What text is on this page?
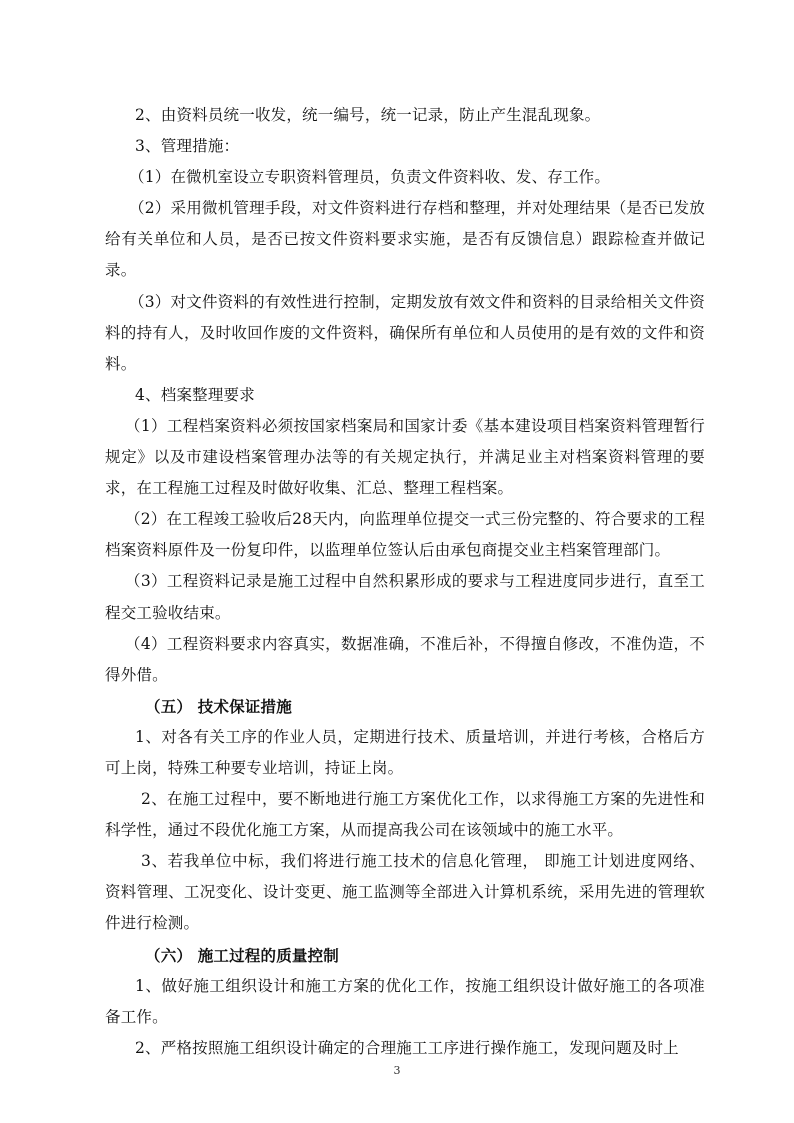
2、由资料员统一收发，统一编号，统一记录，防止产生混乱现象。

3、管理措施：

（1）在微机室设立专职资料管理员，负责文件资料收、发、存工作。

（2）采用微机管理手段，对文件资料进行存档和整理，并对处理结果（是否已发放给有关单位和人员，是否已按文件资料要求实施，是否有反馈信息）跟踪检查并做记录。

（3）对文件资料的有效性进行控制，定期发放有效文件和资料的目录给相关文件资料的持有人，及时收回作废的文件资料，确保所有单位和人员使用的是有效的文件和资料。

4、档案整理要求

（1）工程档案资料必须按国家档案局和国家计委《基本建设项目档案资料管理暂行规定》以及市建设档案管理办法等的有关规定执行，并满足业主对档案资料管理的要求，在工程施工过程及时做好收集、汇总、整理工程档案。

（2）在工程竣工验收后28天内，向监理单位提交一式三份完整的、符合要求的工程档案资料原件及一份复印件，以监理单位签认后由承包商提交业主档案管理部门。

（3）工程资料记录是施工过程中自然积累形成的要求与工程进度同步进行，直至工程交工验收结束。

（4）工程资料要求内容真实，数据准确，不准后补，不得擅自修改，不准伪造，不得外借。

（五） 技术保证措施

1、对各有关工序的作业人员，定期进行技术、质量培训，并进行考核，合格后方可上岗，特殊工种要专业培训，持证上岗。

2、在施工过程中，要不断地进行施工方案优化工作，以求得施工方案的先进性和科学性，通过不段优化施工方案，从而提高我公司在该领域中的施工水平。

3、若我单位中标，我们将进行施工技术的信息化管理， 即施工计划进度网络、资料管理、工况变化、设计变更、施工监测等全部进入计算机系统，采用先进的管理软件进行检测。

（六） 施工过程的质量控制

1、做好施工组织设计和施工方案的优化工作，按施工组织设计做好施工的各项准备工作。

2、严格按照施工组织设计确定的合理施工工序进行操作施工，发现问题及时上

3
